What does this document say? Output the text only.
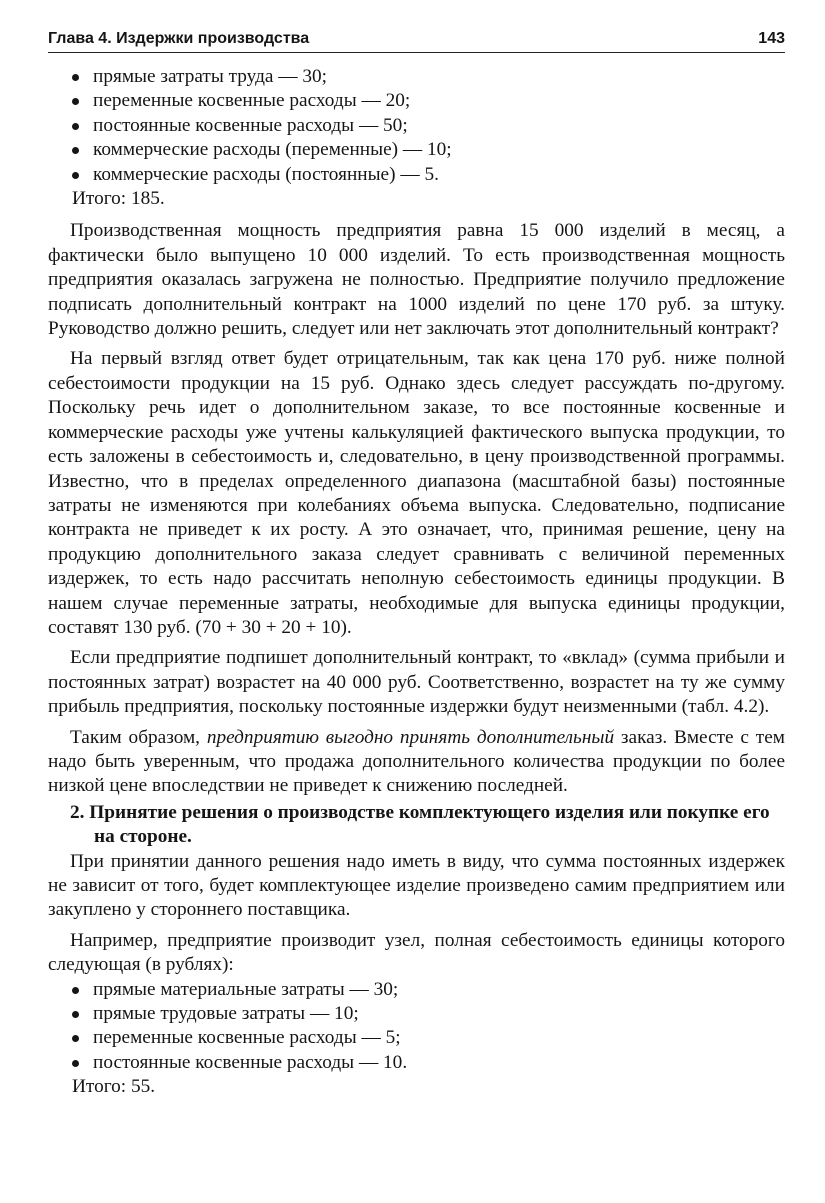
Глава 4. Издержки производства	143
прямые затраты труда — 30;
переменные косвенные расходы — 20;
постоянные косвенные расходы — 50;
коммерческие расходы (переменные) — 10;
коммерческие расходы (постоянные) — 5.
Итого: 185.

Производственная мощность предприятия равна 15 000 изделий в месяц, а фактически было выпущено 10 000 изделий. То есть производственная мощность предприятия оказалась загружена не полностью. Предприятие получило предложение подписать дополнительный контракт на 1000 изделий по цене 170 руб. за штуку. Руководство должно решить, следует или нет заключать этот дополнительный контракт?

На первый взгляд ответ будет отрицательным, так как цена 170 руб. ниже полной себестоимости продукции на 15 руб. Однако здесь следует рассуждать по-другому. Поскольку речь идет о дополнительном заказе, то все постоянные косвенные и коммерческие расходы уже учтены калькуляцией фактического выпуска продукции, то есть заложены в себестоимость и, следовательно, в цену производственной программы. Известно, что в пределах определенного диапазона (масштабной базы) постоянные затраты не изменяются при колебаниях объема выпуска. Следовательно, подписание контракта не приведет к их росту. А это означает, что, принимая решение, цену на продукцию дополнительного заказа следует сравнивать с величиной переменных издержек, то есть надо рассчитать неполную себестоимость единицы продукции. В нашем случае переменные затраты, необходимые для выпуска единицы продукции, составят 130 руб. (70 + 30 + 20 + 10).

Если предприятие подпишет дополнительный контракт, то «вклад» (сумма прибыли и постоянных затрат) возрастет на 40 000 руб. Соответственно, возрастет на ту же сумму прибыль предприятия, поскольку постоянные издержки будут неизменными (табл. 4.2).

Таким образом, предприятию выгодно принять дополнительный заказ. Вместе с тем надо быть уверенным, что продажа дополнительного количества продукции по более низкой цене впоследствии не приведет к снижению последней.

2. Принятие решения о производстве комплектующего изделия или покупке его на стороне.

При принятии данного решения надо иметь в виду, что сумма постоянных издержек не зависит от того, будет комплектующее изделие произведено самим предприятием или закуплено у стороннего поставщика.

Например, предприятие производит узел, полная себестоимость единицы которого следующая (в рублях):

прямые материальные затраты — 30;
прямые трудовые затраты — 10;
переменные косвенные расходы — 5;
постоянные косвенные расходы — 10.
Итого: 55.
